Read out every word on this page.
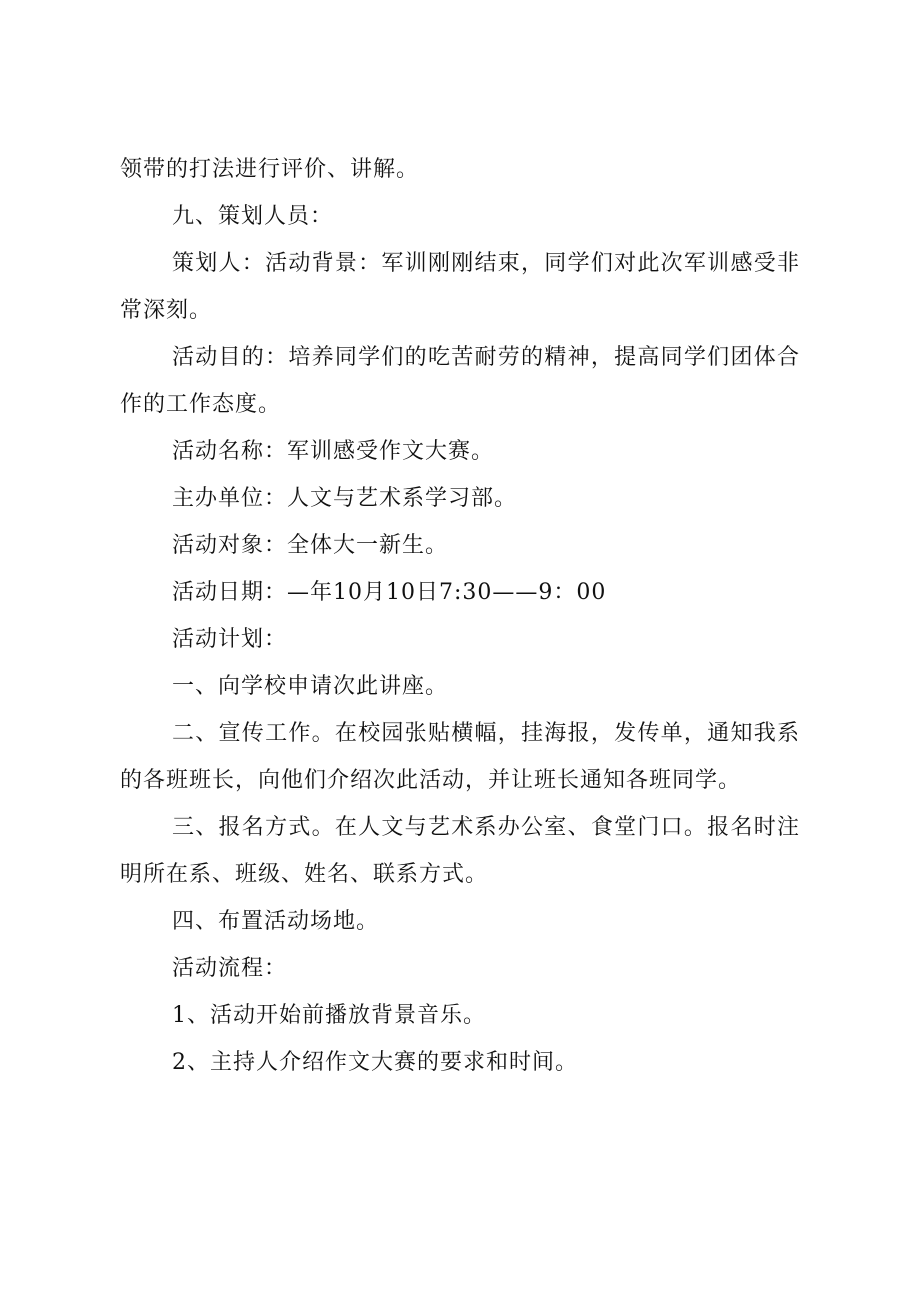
领带的打法进行评价、讲解。

九、策划人员：

策划人：活动背景：军训刚刚结束，同学们对此次军训感受非常深刻。

活动目的：培养同学们的吃苦耐劳的精神，提高同学们团体合作的工作态度。

活动名称：军训感受作文大赛。

主办单位：人文与艺术系学习部。

活动对象：全体大一新生。

活动日期：—年10月10日7:30——9：00

活动计划：

一、向学校申请次此讲座。

二、宣传工作。在校园张贴横幅，挂海报，发传单，通知我系的各班班长，向他们介绍次此活动，并让班长通知各班同学。

三、报名方式。在人文与艺术系办公室、食堂门口。报名时注明所在系、班级、姓名、联系方式。

四、布置活动场地。

活动流程：

1、活动开始前播放背景音乐。

2、主持人介绍作文大赛的要求和时间。
